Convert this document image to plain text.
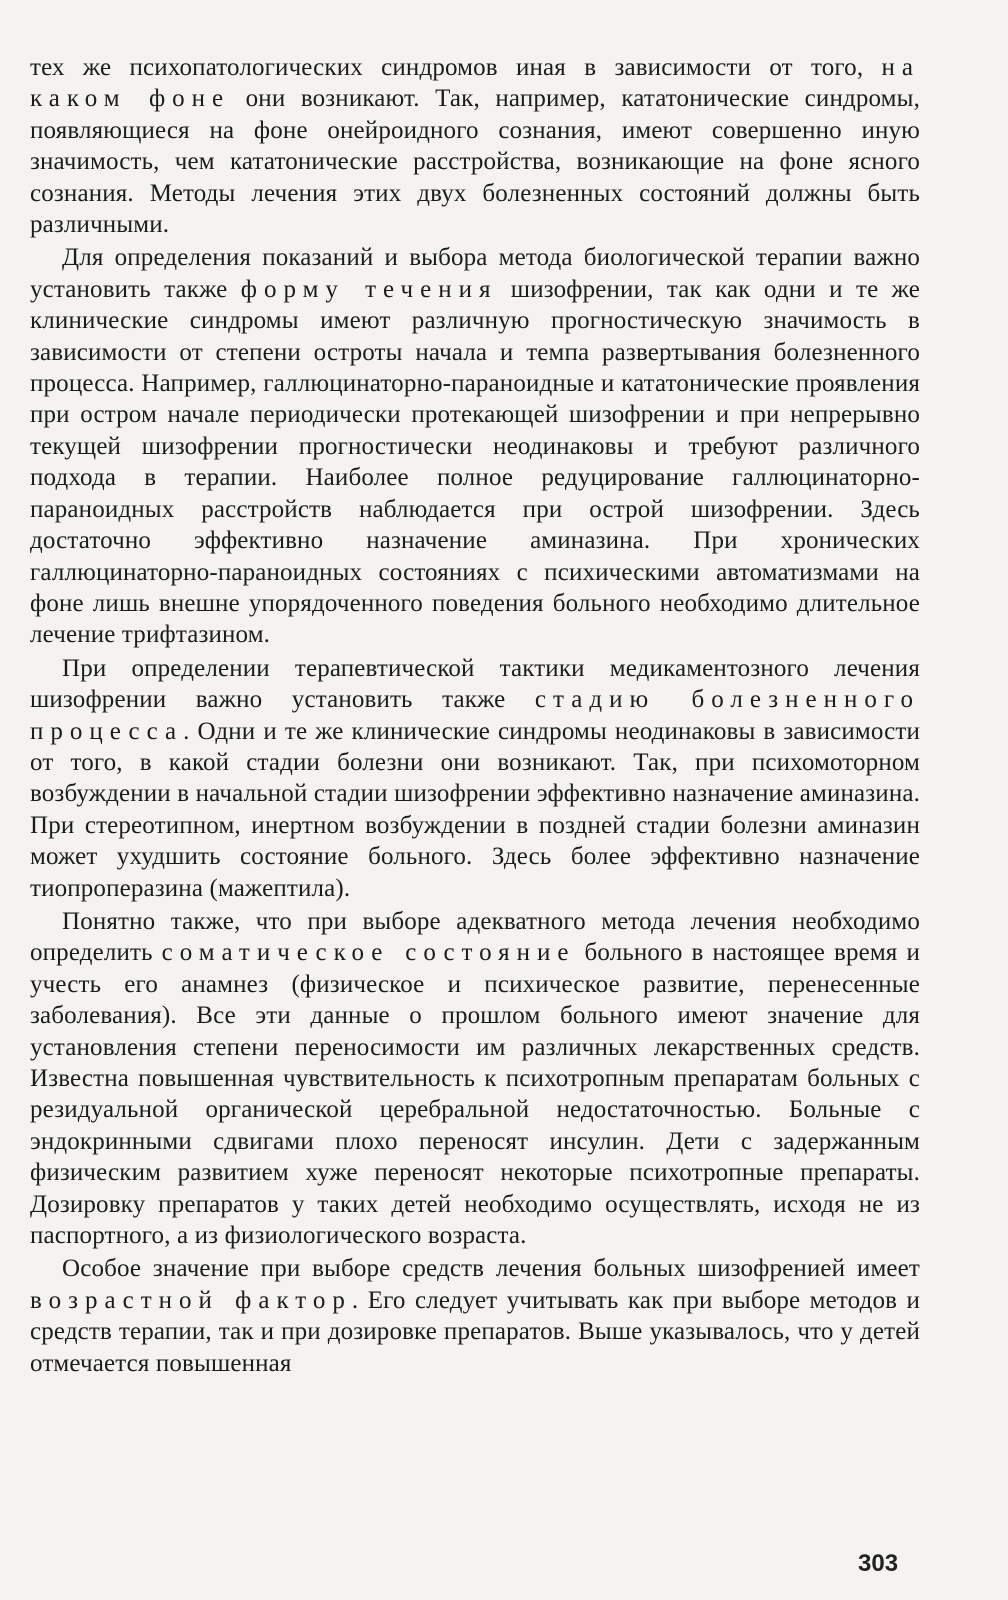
тех же психопатологических синдромов иная в зависимости от того, на каком фоне они возникают. Так, например, кататонические синдромы, появляющиеся на фоне онейроидного сознания, имеют совершенно иную значимость, чем кататонические расстройства, возникающие на фоне ясного сознания. Методы лечения этих двух болезненных состояний должны быть различными.

Для определения показаний и выбора метода биологической терапии важно установить также форму течения шизофрении, так как одни и те же клинические синдромы имеют различную прогностическую значимость в зависимости от степени остроты начала и темпа развертывания болезненного процесса. Например, галлюцинаторно-параноидные и кататонические проявления при остром начале периодически протекающей шизофрении и при непрерывно текущей шизофрении прогностически неодинаковы и требуют различного подхода в терапии. Наиболее полное редуцирование галлюцинаторно-параноидных расстройств наблюдается при острой шизофрении. Здесь достаточно эффективно назначение аминазина. При хронических галлюцинаторно-параноидных состояниях с психическими автоматизмами на фоне лишь внешне упорядоченного поведения больного необходимо длительное лечение трифтазином.

При определении терапевтической тактики медикаментозного лечения шизофрении важно установить также стадию болезненного процесса. Одни и те же клинические синдромы неодинаковы в зависимости от того, в какой стадии болезни они возникают. Так, при психомоторном возбуждении в начальной стадии шизофрении эффективно назначение аминазина. При стереотипном, инертном возбуждении в поздней стадии болезни аминазин может ухудшить состояние больного. Здесь более эффективно назначение тиопроперазина (мажептила).

Понятно также, что при выборе адекватного метода лечения необходимо определить соматическое состояние больного в настоящее время и учесть его анамнез (физическое и психическое развитие, перенесенные заболевания). Все эти данные о прошлом больного имеют значение для установления степени переносимости им различных лекарственных средств. Известна повышенная чувствительность к психотропным препаратам больных с резидуальной органической церебральной недостаточностью. Больные с эндокринными сдвигами плохо переносят инсулин. Дети с задержанным физическим развитием хуже переносят некоторые психотропные препараты. Дозировку препаратов у таких детей необходимо осуществлять, исходя не из паспортного, а из физиологического возраста.

Особое значение при выборе средств лечения больных шизофренией имеет возрастной фактор. Его следует учитывать как при выборе методов и средств терапии, так и при дозировке препаратов. Выше указывалось, что у детей отмечается повышенная

303
